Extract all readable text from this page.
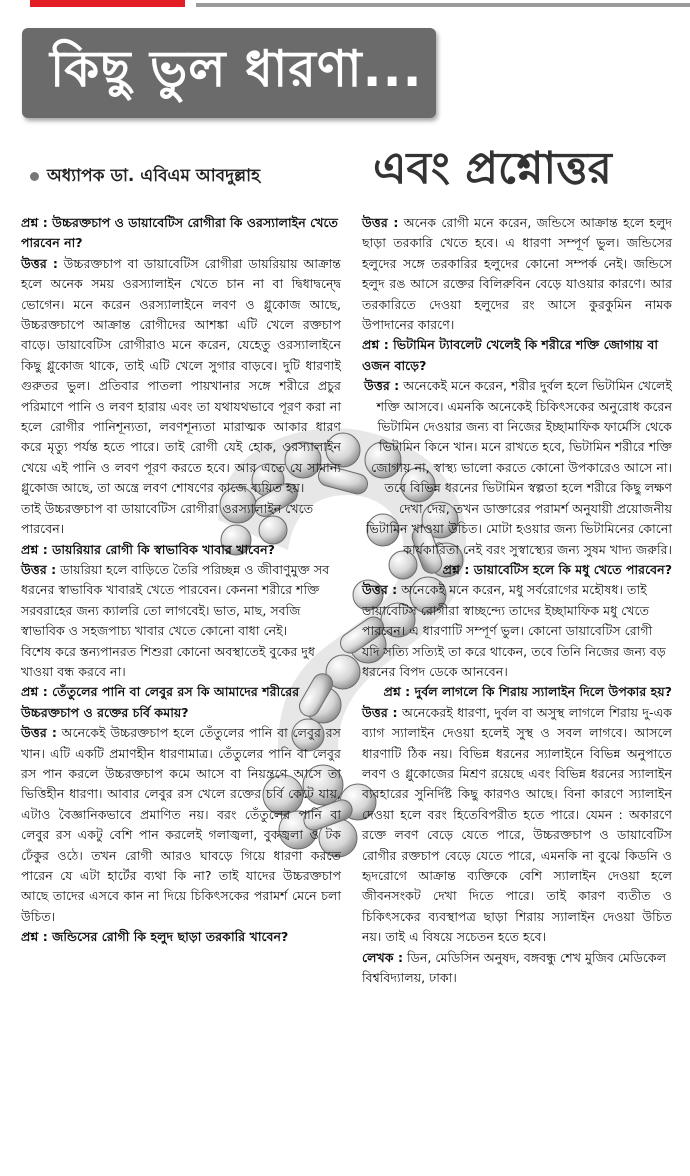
কিছু ভুল ধারণা...
অধ্যাপক ডা. এবিএম আবদুল্লাহ	এবং প্রশ্নোত্তর

প্রশ্ন : উচ্চরক্তচাপ ও ডায়াবেটিস রোগীরা কি ওরস্যালাইন খেতে পারবেন না?

উত্তর : উচ্চরক্তচাপ বা ডায়াবেটিস রোগীরা ডায়রিয়ায় আক্রান্ত হলে অনেক সময় ওরস্যালাইন খেতে চান না বা দ্বিধাদ্বন্দ্বে ভোগেন। মনে করেন ওরস্যালাইনে লবণ ও গ্লুকোজ আছে, উচ্চরক্তচাপে আক্রান্ত রোগীদের আশঙ্কা এটি খেলে রক্তচাপ বাড়ে। ডায়াবেটিস রোগীরাও মনে করেন, যেহেতু ওরস্যালাইনে কিছু গ্লুকোজ থাকে, তাই এটি খেলে সুগার বাড়বে। দুটি ধারণাই গুরুতর ভুল। প্রতিবার পাতলা পায়খানার সঙ্গে শরীরে প্রচুর পরিমাণে পানি ও লবণ হারায় এবং তা যথাযথভাবে পূরণ করা না হলে রোগীর পানিশূন্যতা, লবণশূন্যতা মারাত্মক আকার ধারণ করে মৃত্যু পর্যন্ত হতে পারে। তাই রোগী যেই হোক, ওরস্যালাইন খেয়ে এই পানি ও লবণ পূরণ করতে হবে। আর এতে যে সামান্য গ্লুকোজ আছে, তা অন্ত্রে লবণ শোষণের কাজে ব্যয়িত হয়।

তাই উচ্চরক্তচাপ বা ডায়াবেটিস রোগীরা ওরস্যালাইন খেতে পারবেন।

প্রশ্ন : ডায়রিয়ার রোগী কি স্বাভাবিক খাবার খাবেন?

উত্তর : ডায়রিয়া হলে বাড়িতে তৈরি পরিচ্ছন্ন ও জীবাণুমুক্ত সব ধরনের স্বাভাবিক খাবারই খেতে পারবেন। কেননা শরীরে শক্তি সরবরাহের জন্য ক্যালরি তো লাগবেই। ভাত, মাছ, সবজি স্বাভাবিক ও সহজপাচ্য খাবার খেতে কোনো বাধা নেই।

বিশেষ করে স্তন্যপানরত শিশুরা কোনো অবস্থাতেই বুকের দুধ খাওয়া বন্ধ করবে না।

প্রশ্ন : তেঁতুলের পানি বা লেবুর রস কি আমাদের শরীরের উচ্চরক্তচাপ ও রক্তের চর্বি কমায়?

উত্তর : অনেকেই উচ্চরক্তচাপ হলে তেঁতুলের পানি বা লেবুর রস খান। এটি একটি প্রমাণহীন ধারণামাত্র। তেঁতুলের পানি বা লেবুর রস পান করলে উচ্চরক্তচাপ কমে আসে বা নিয়ন্ত্রণে আসে তা ভিত্তিহীন ধারণা। আবার লেবুর রস খেলে রক্তের চর্বি কেটে যায়, এটাও বৈজ্ঞানিকভাবে প্রমাণিত নয়। বরং তেঁতুলের পানি বা লেবুর রস একটু বেশি পান করলেই গলাজ্বলা, বুকজ্বলা ও টক ঢেঁকুর ওঠে। তখন রোগী আরও ঘাবড়ে গিয়ে ধারণা করতে পারেন যে এটা হার্টের ব্যথা কি না? তাই যাদের উচ্চরক্তচাপ আছে তাদের এসবে কান না দিয়ে চিকিৎসকের পরামর্শ মেনে চলা উচিত।

প্রশ্ন : জন্ডিসের রোগী কি হলুদ ছাড়া তরকারি খাবেন?

উত্তর : অনেক রোগী মনে করেন, জন্ডিসে আক্রান্ত হলে হলুদ ছাড়া তরকারি খেতে হবে। এ ধারণা সম্পূর্ণ ভুল। জন্ডিসের হলুদের সঙ্গে তরকারির হলুদের কোনো সম্পর্ক নেই। জন্ডিসে হলুদ রঙ আসে রক্তের বিলিরুবিন বেড়ে যাওয়ার কারণে। আর তরকারিতে দেওয়া হলুদের রং আসে কুরকুমিন নামক উপাদানের কারণে।

প্রশ্ন : ভিটামিন ট্যাবলেট খেলেই কি শরীরে শক্তি জোগায় বা ওজন বাড়ে?

উত্তর : অনেকেই মনে করেন, শরীর দুর্বল হলে ভিটামিন খেলেই শক্তি আসবে। এমনকি অনেকেই চিকিৎসকের অনুরোধ করেন ভিটামিন দেওয়ার জন্য বা নিজের ইচ্ছামাফিক ফার্মেসি থেকে ভিটামিন কিনে খান। মনে রাখতে হবে, ভিটামিন শরীরে শক্তি জোগায় না, স্বাস্থ্য ভালো করতে কোনো উপকারেও আসে না। তবে বিভিন্ন ধরনের ভিটামিন স্বল্পতা হলে শরীরে কিছু লক্ষণ দেখা দেয়, তখন ডাক্তারের পরামর্শ অনুযায়ী প্রয়োজনীয় ভিটামিন খাওয়া উচিত। মোটা হওয়ার জন্য ভিটামিনের কোনো কার্যকারিতা নেই বরং সুস্বাস্থ্যের জন্য সুষম খাদ্য জরুরি।

প্রশ্ন : ডায়াবেটিস হলে কি মধু খেতে পারবেন?

উত্তর : অনেকেই মনে করেন, মধু সর্বরোগের মহৌষধ। তাই ডায়াবেটিস রোগীরা স্বাচ্ছন্দ্যে তাদের ইচ্ছামাফিক মধু খেতে পারবেন। এ ধারণাটি সম্পূর্ণ ভুল। কোনো ডায়াবেটিস রোগী যদি সত্যি সত্যিই তা করে থাকেন, তবে তিনি নিজের জন্য বড় ধরনের বিপদ ডেকে আনবেন।

প্রশ্ন : দুর্বল লাগলে কি শিরায় স্যালাইন দিলে উপকার হয়?

উত্তর : অনেকেরই ধারণা, দুর্বল বা অসুস্থ লাগলে শিরায় দু-এক ব্যাগ স্যালাইন দেওয়া হলেই সুস্থ ও সবল লাগবে। আসলে ধারণাটি ঠিক নয়। বিভিন্ন ধরনের স্যালাইনে বিভিন্ন অনুপাতে লবণ ও গ্লুকোজের মিশ্রণ রয়েছে এবং বিভিন্ন ধরনের স্যালাইন ব্যবহারের সুনির্দিষ্ট কিছু কারণও আছে। বিনা কারণে স্যালাইন দেওয়া হলে বরং হিতেবিপরীত হতে পারে। যেমন : অকারণে রক্তে লবণ বেড়ে যেতে পারে, উচ্চরক্তচাপ ও ডায়াবেটিস রোগীর রক্তচাপ বেড়ে যেতে পারে, এমনকি না বুঝে কিডনি ও হৃদরোগে আক্রান্ত ব্যক্তিকে বেশি স্যালাইন দেওয়া হলে জীবনসংকট দেখা দিতে পারে। তাই কারণ ব্যতীত ও চিকিৎসকের ব্যবস্থাপত্র ছাড়া শিরায় স্যালাইন দেওয়া উচিত নয়। তাই এ বিষয়ে সচেতন হতে হবে।

লেখক : ডিন, মেডিসিন অনুষদ, বঙ্গবন্ধু শেখ মুজিব মেডিকেল বিশ্ববিদ্যালয়, ঢাকা।
